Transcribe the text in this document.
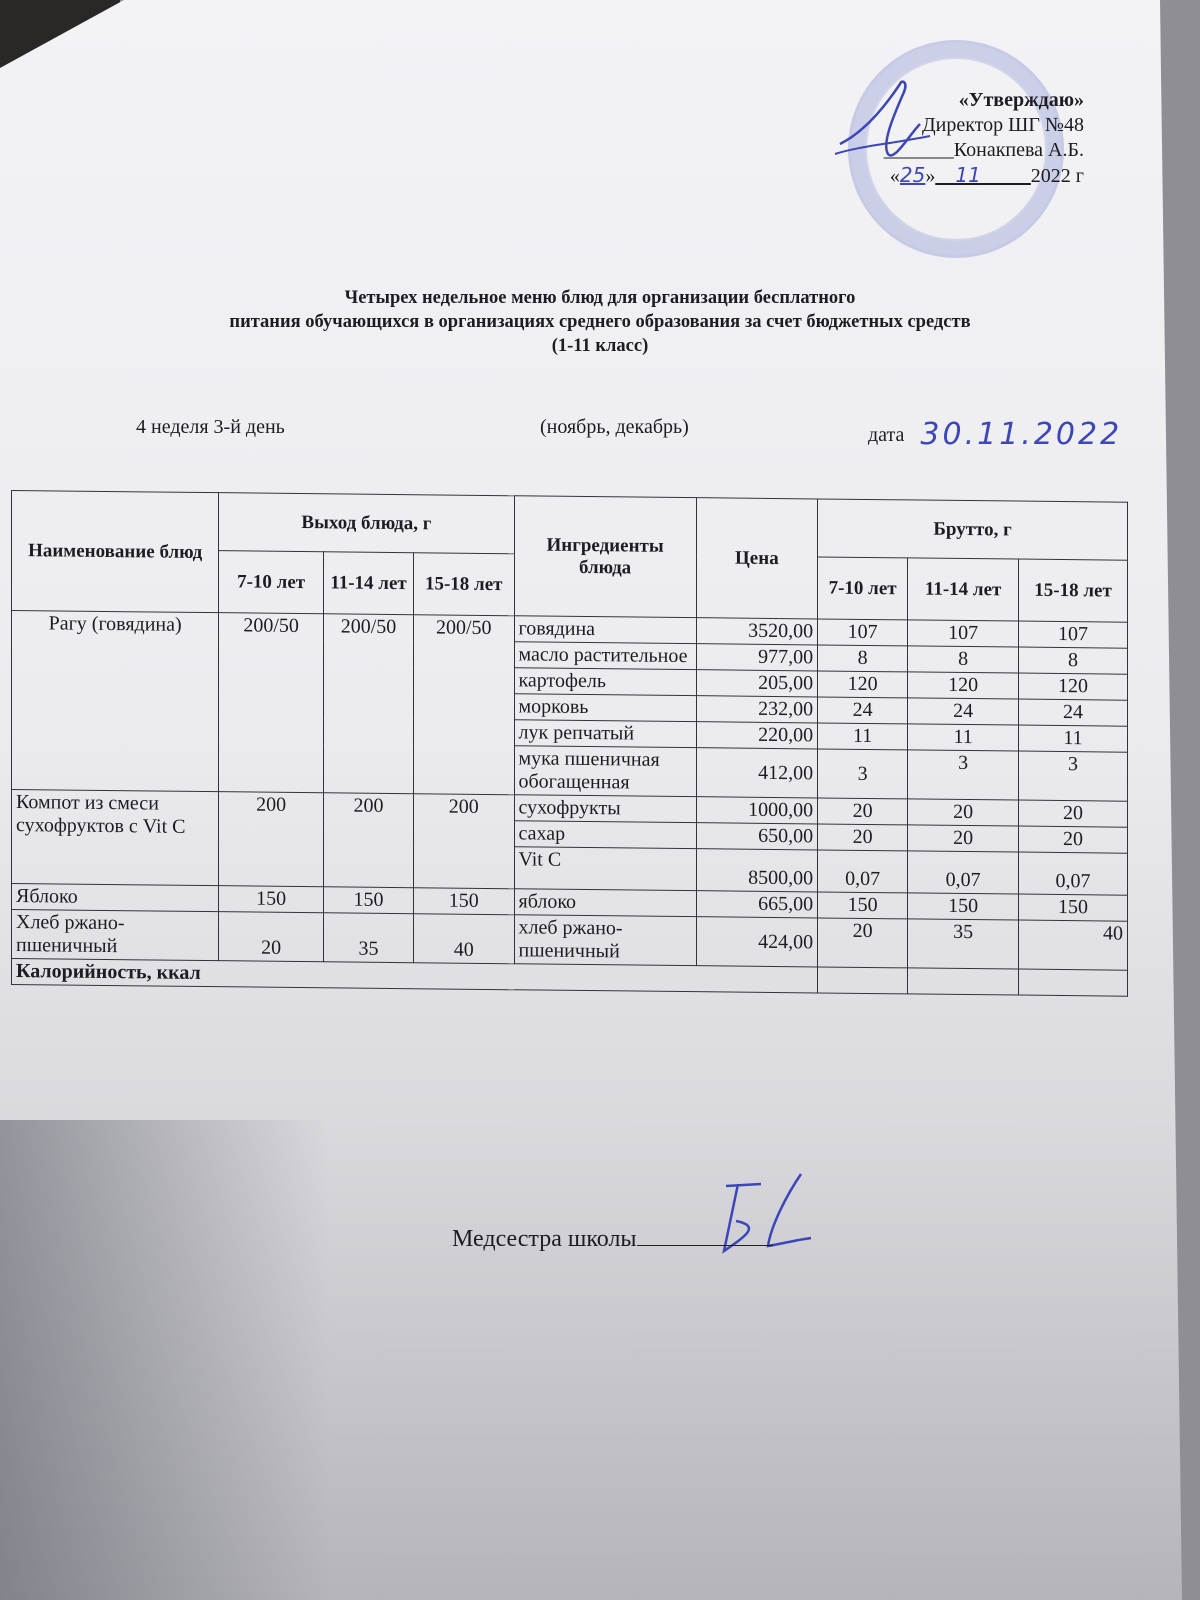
«Утверждаю»
Директор ШГ №48
_______Конакпева А.Б.
«25»__11_____2022 г
Четырех недельное меню блюд для организации бесплатного
питания обучающихся в организациях среднего образования за счет бюджетных средств
(1-11 класс)
4 неделя 3-й день	(ноябрь, декабрь)	дата 30.11.2022
Наименование блюд	Выход блюда, г			Ингредиенты блюда	Цена	Брутто, г		
	7-10 лет	11-14 лет	15-18 лет			7-10 лет	11-14 лет	15-18 лет
Рагу (говядина)	200/50	200/50	200/50	говядина	3520,00	107	107	107
				масло растительное	977,00	8	8	8
				картофель	205,00	120	120	120
				морковь	232,00	24	24	24
				лук репчатый	220,00	11	11	11
				мука пшеничная обогащенная	412,00	3	3	3
Компот из смеси сухофруктов с Vit C	200	200	200	сухофрукты	1000,00	20	20	20
				сахар	650,00	20	20	20
				Vit C	8500,00	0,07	0,07	0,07
Яблоко	150	150	150	яблоко	665,00	150	150	150
Хлеб ржано-пшеничный	20	35	40	хлеб ржано-пшеничный	424,00	20	35	40
Калорийность, ккал								
Медсестра школы
